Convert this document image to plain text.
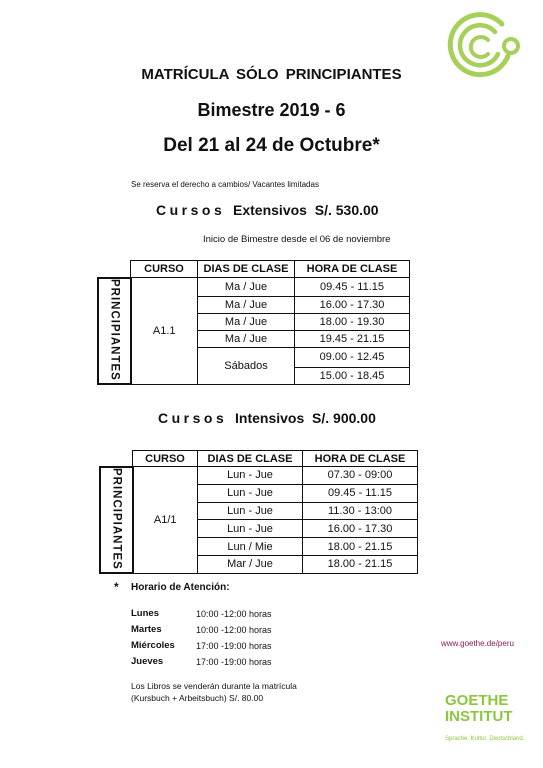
MATRÍCULA SÓLO PRINCIPIANTES
Bimestre 2019 - 6
Del 21 al 24 de Octubre*
Se reserva el derecho a cambios/ Vacantes limitadas
Cursos Extensivos S/. 530.00
Inicio de Bimestre desde el 06 de noviembre
	CURSO	DIAS DE CLASE	HORA DE CLASE
PRINCIPIANTES	A1.1	Ma / Jue	09.45 - 11.15
		Ma / Jue	16.00 - 17.30
		Ma / Jue	18.00 - 19.30
		Ma / Jue	19.45 - 21.15
		Sábados	09.00 - 12.45
			15.00 - 18.45
Cursos Intensivos S/. 900.00
	CURSO	DIAS DE CLASE	HORA DE CLASE
PRINCIPIANTES	A1/1	Lun - Jue	07.30 - 09:00
		Lun - Jue	09.45 - 11.15
		Lun - Jue	11.30 - 13:00
		Lun - Jue	16.00 - 17.30
		Lun / Mie	18.00 - 21.15
		Mar / Jue	18.00 - 21.15
* Horario de Atención:
Lunes	10:00 -12:00 horas
Martes	10:00 -12:00 horas
Miércoles 17:00 -19:00 horas
Jueves	17:00 -19:00 horas
Los Libros se venderán durante la matrícula
(Kursbuch + Arbeitsbuch) S/. 80.00
www.goethe.de/peru
GOETHE
INSTITUT
Sprache. Kultur. Deutschland.
